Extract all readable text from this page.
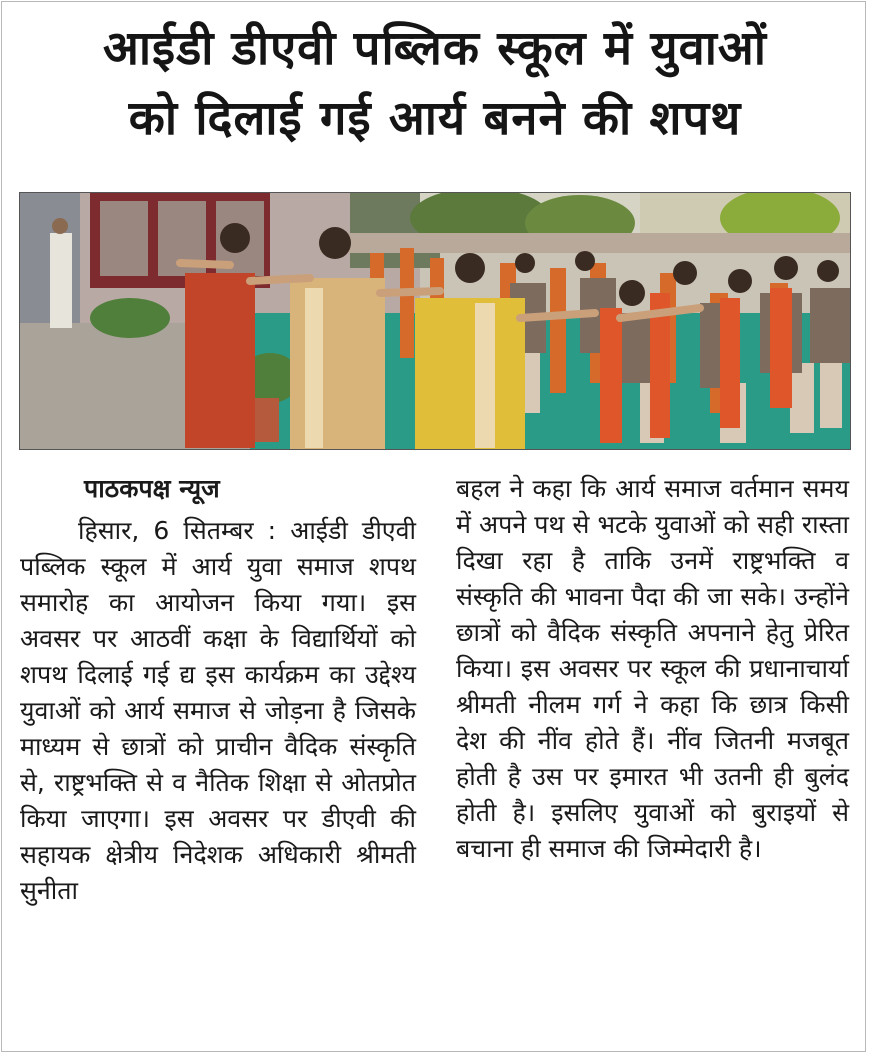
आईडी डीएवी पब्लिक स्कूल में युवाओं
को दिलाई गई आर्य बनने की शपथ
पाठकपक्ष न्यूज
हिसार, 6 सितम्बर : आईडी डीएवी पब्लिक स्कूल में आर्य युवा समाज शपथ समारोह का आयोजन किया गया। इस अवसर पर आठवीं कक्षा के विद्यार्थियों को शपथ दिलाई गई द्य इस कार्यक्रम का उद्देश्य युवाओं को आर्य समाज से जोड़ना है जिसके माध्यम से छात्रों को प्राचीन वैदिक संस्कृति से, राष्ट्रभक्ति से व नैतिक शिक्षा से ओतप्रोत किया जाएगा। इस अवसर पर डीएवी की सहायक क्षेत्रीय निदेशक अधिकारी श्रीमती सुनीता
बहल ने कहा कि आर्य समाज वर्तमान समय में अपने पथ से भटके युवाओं को सही रास्ता दिखा रहा है ताकि उनमें राष्ट्रभक्ति व संस्कृति की भावना पैदा की जा सके। उन्होंने छात्रों को वैदिक संस्कृति अपनाने हेतु प्रेरित किया। इस अवसर पर स्कूल की प्रधानाचार्या श्रीमती नीलम गर्ग ने कहा कि छात्र किसी देश की नींव होते हैं। नींव जितनी मजबूत होती है उस पर इमारत भी उतनी ही बुलंद होती है। इसलिए युवाओं को बुराइयों से बचाना ही समाज की जिम्मेदारी है।
